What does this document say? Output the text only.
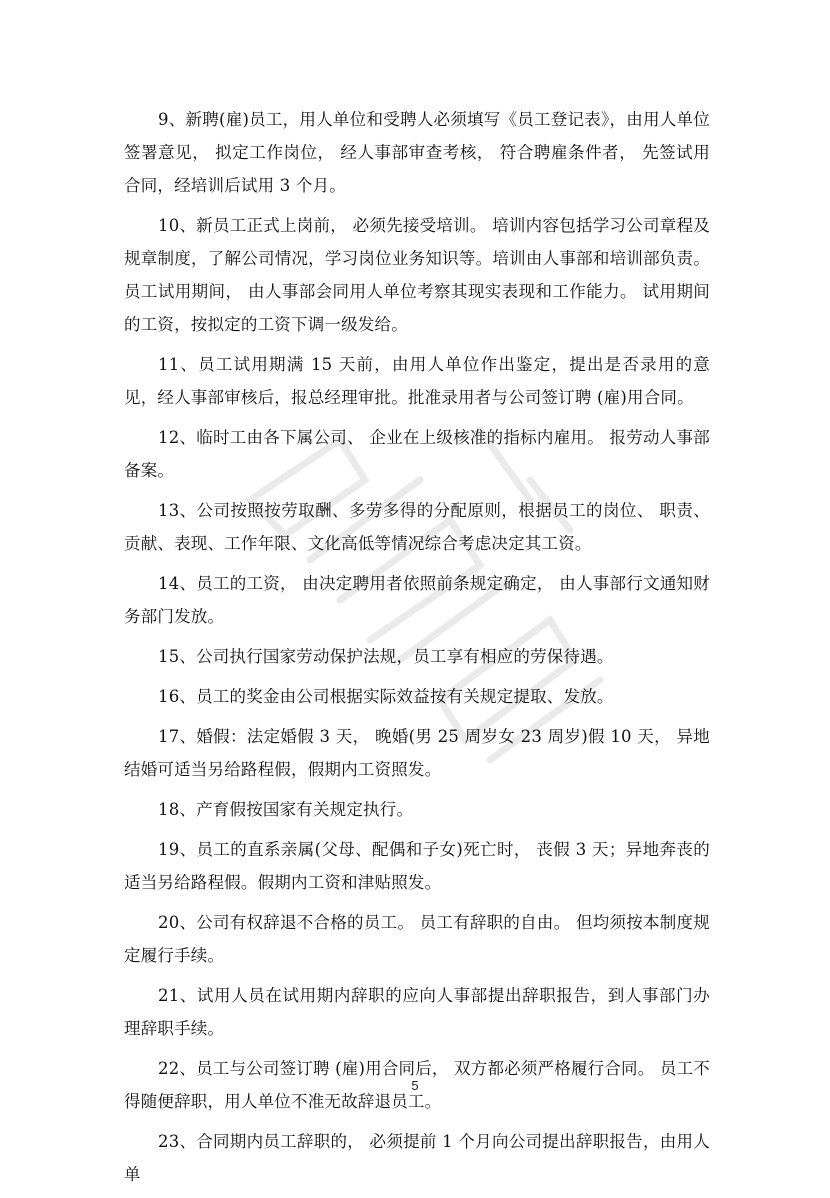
9、新聘(雇)员工，用人单位和受聘人必须填写《员工登记表》，由用人单位签署意见， 拟定工作岗位， 经人事部审查考核， 符合聘雇条件者， 先签试用合同，经培训后试用 3 个月。

10、新员工正式上岗前， 必须先接受培训。 培训内容包括学习公司章程及规章制度，了解公司情况，学习岗位业务知识等。培训由人事部和培训部负责。员工试用期间， 由人事部会同用人单位考察其现实表现和工作能力。 试用期间的工资，按拟定的工资下调一级发给。

11、员工试用期满 15 天前，由用人单位作出鉴定，提出是否录用的意见，经人事部审核后，报总经理审批。批准录用者与公司签订聘 (雇)用合同。

12、临时工由各下属公司、 企业在上级核准的指标内雇用。 报劳动人事部备案。

13、公司按照按劳取酬、多劳多得的分配原则，根据员工的岗位、 职责、 贡献、表现、工作年限、文化高低等情况综合考虑决定其工资。

14、员工的工资， 由决定聘用者依照前条规定确定， 由人事部行文通知财务部门发放。

15、公司执行国家劳动保护法规，员工享有相应的劳保待遇。

16、员工的奖金由公司根据实际效益按有关规定提取、发放。

17、婚假：法定婚假 3 天， 晚婚(男 25 周岁女 23 周岁)假 10 天， 异地结婚可适当另给路程假，假期内工资照发。

18、产育假按国家有关规定执行。

19、员工的直系亲属(父母、配偶和子女)死亡时， 丧假 3 天；异地奔丧的适当另给路程假。假期内工资和津贴照发。

20、公司有权辞退不合格的员工。 员工有辞职的自由。 但均须按本制度规定履行手续。

21、试用人员在试用期内辞职的应向人事部提出辞职报告，到人事部门办理辞职手续。

22、员工与公司签订聘 (雇)用合同后， 双方都必须严格履行合同。 员工不得随便辞职，用人单位不准无故辞退员工。

23、合同期内员工辞职的， 必须提前 1 个月向公司提出辞职报告，由用人单

5
